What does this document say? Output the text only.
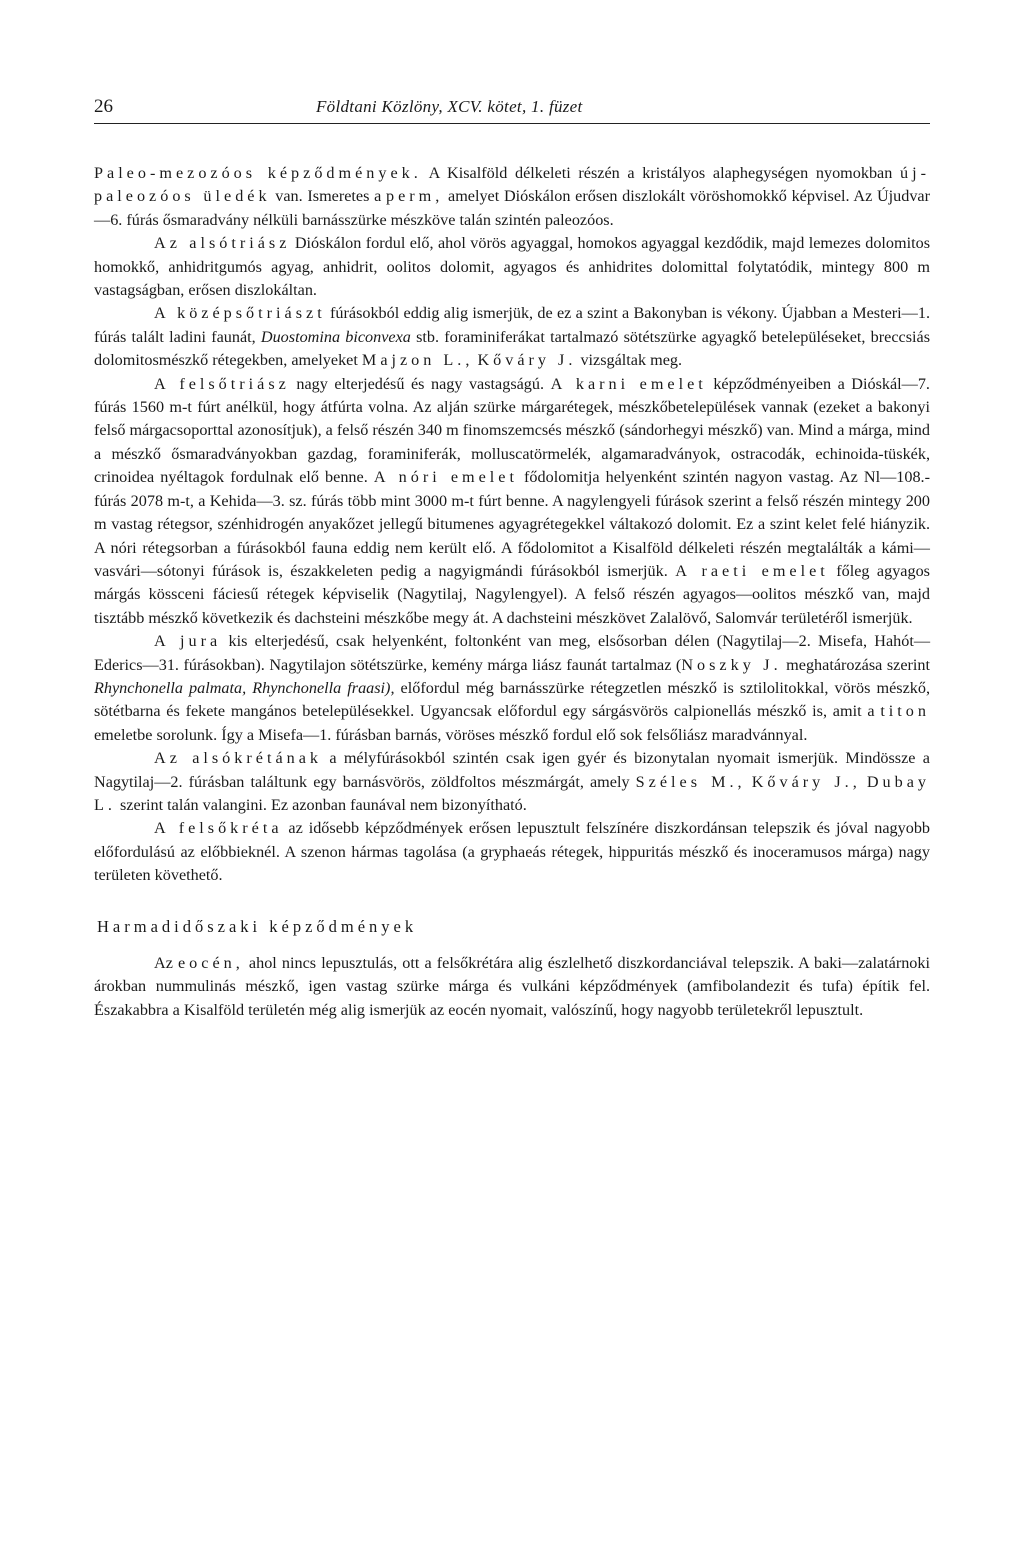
26	Földtani Közlöny, XCV. kötet, 1. füzet

Paleo-mezozóos képződmények. A Kisalföld délkeleti részén a kristályos alaphegységen nyomokban új-paleozóos üledék van. Ismeretes a perm, amelyet Dióskálon erősen diszlokált vöröshomokkő képvisel. Az Újudvar—6. fúrás ősmaradvány nélküli barnásszürke mészköve talán szintén paleozóos.

Az alsótriász Dióskálon fordul elő, ahol vörös agyaggal, homokos agyaggal kezdődik, majd lemezes dolomitos homokkő, anhidritgumós agyag, anhidrit, oolitos dolomit, agyagos és anhidrites dolomittal folytatódik, mintegy 800 m vastagságban, erősen diszlokáltan.

A középsőtriászt fúrásokból eddig alig ismerjük, de ez a szint a Bakonyban is vékony. Újabban a Mesteri—1. fúrás talált ladini faunát, Duostomina biconvexa stb. foraminiferákat tartalmazó sötétszürke agyagkő betelepüléseket, breccsiás dolomitosmészkő rétegekben, amelyeket Majzon L., Kőváry J. vizsgáltak meg.

A felsőtriász nagy elterjedésű és nagy vastagságú. A karni emelet képződményeiben a Dióskál—7. fúrás 1560 m-t fúrt anélkül, hogy átfúrta volna. Az alján szürke márgarétegek, mészkőbetelepülések vannak (ezeket a bakonyi felső márgacsoporttal azonosítjuk), a felső részén 340 m finomszemcsés mészkő (sándorhegyi mészkő) van. Mind a márga, mind a mészkő ősmaradványokban gazdag, foraminiferák, molluscatörmelék, algamaradványok, ostracodák, echinoida-tüskék, crinoidea nyéltagok fordulnak elő benne. A nóri emelet fődolomitja helyenként szintén nagyon vastag. Az Nl—108.-fúrás 2078 m-t, a Kehida—3. sz. fúrás több mint 3000 m-t fúrt benne. A nagylengyeli fúrások szerint a felső részén mintegy 200 m vastag rétegsor, szénhidrogén anyakőzet jellegű bitumenes agyagrétegekkel váltakozó dolomit. Ez a szint kelet felé hiányzik. A nóri rétegsorban a fúrásokból fauna eddig nem került elő. A fődolomitot a Kisalföld délkeleti részén megtalálták a kámi—vasvári—sótonyi fúrások is, északkeleten pedig a nagyigmándi fúrásokból ismerjük. A raeti emelet főleg agyagos márgás kössceni fáciesű rétegek képviselik (Nagytilaj, Nagylengyel). A felső részén agyagos—oolitos mészkő van, majd tisztább mészkő következik és dachsteini mészkőbe megy át. A dachsteini mészkövet Zalalövő, Salomvár területéről ismerjük.

A jura kis elterjedésű, csak helyenként, foltonként van meg, elsősorban délen (Nagytilaj—2. Misefa, Hahót—Ederics—31. fúrásokban). Nagytilajon sötétszürke, kemény márga liász faunát tartalmaz (Noszky J. meghatározása szerint Rhynchonella palmata, Rhynchonella fraasi), előfordul még barnásszürke rétegzetlen mészkő is sztilolitokkal, vörös mészkő, sötétbarna és fekete mangános betelepülésekkel. Ugyancsak előfordul egy sárgásvörös calpionellás mészkő is, amit a titon emeletbe sorolunk. Így a Misefa—1. fúrásban barnás, vöröses mészkő fordul elő sok felsőliász maradvánnyal.

Az alsókrétának a mélyfúrásokból szintén csak igen gyér és bizonytalan nyomait ismerjük. Mindössze a Nagytilaj—2. fúrásban találtunk egy barnásvörös, zöldfoltos mészmárgát, amely Széles M., Kőváry J., Dubay L. szerint talán valangini. Ez azonban faunával nem bizonyítható.

A felsőkréta az idősebb képződmények erősen lepusztult felszínére diszkordánsan telepszik és jóval nagyobb előfordulású az előbbieknél. A szenon hármas tagolása (a gryphaeás rétegek, hippuritás mészkő és inoceramusos márga) nagy területen követhető.

Harmadidőszaki képződmények

Az eocén, ahol nincs lepusztulás, ott a felsőkrétára alig észlelhető diszkordanciával telepszik. A baki—zalatárnoki árokban nummulinás mészkő, igen vastag szürke márga és vulkáni képződmények (amfibolandezit és tufa) építik fel. Északabbra a Kisalföld területén még alig ismerjük az eocén nyomait, valószínű, hogy nagyobb területekről lepusztult.
